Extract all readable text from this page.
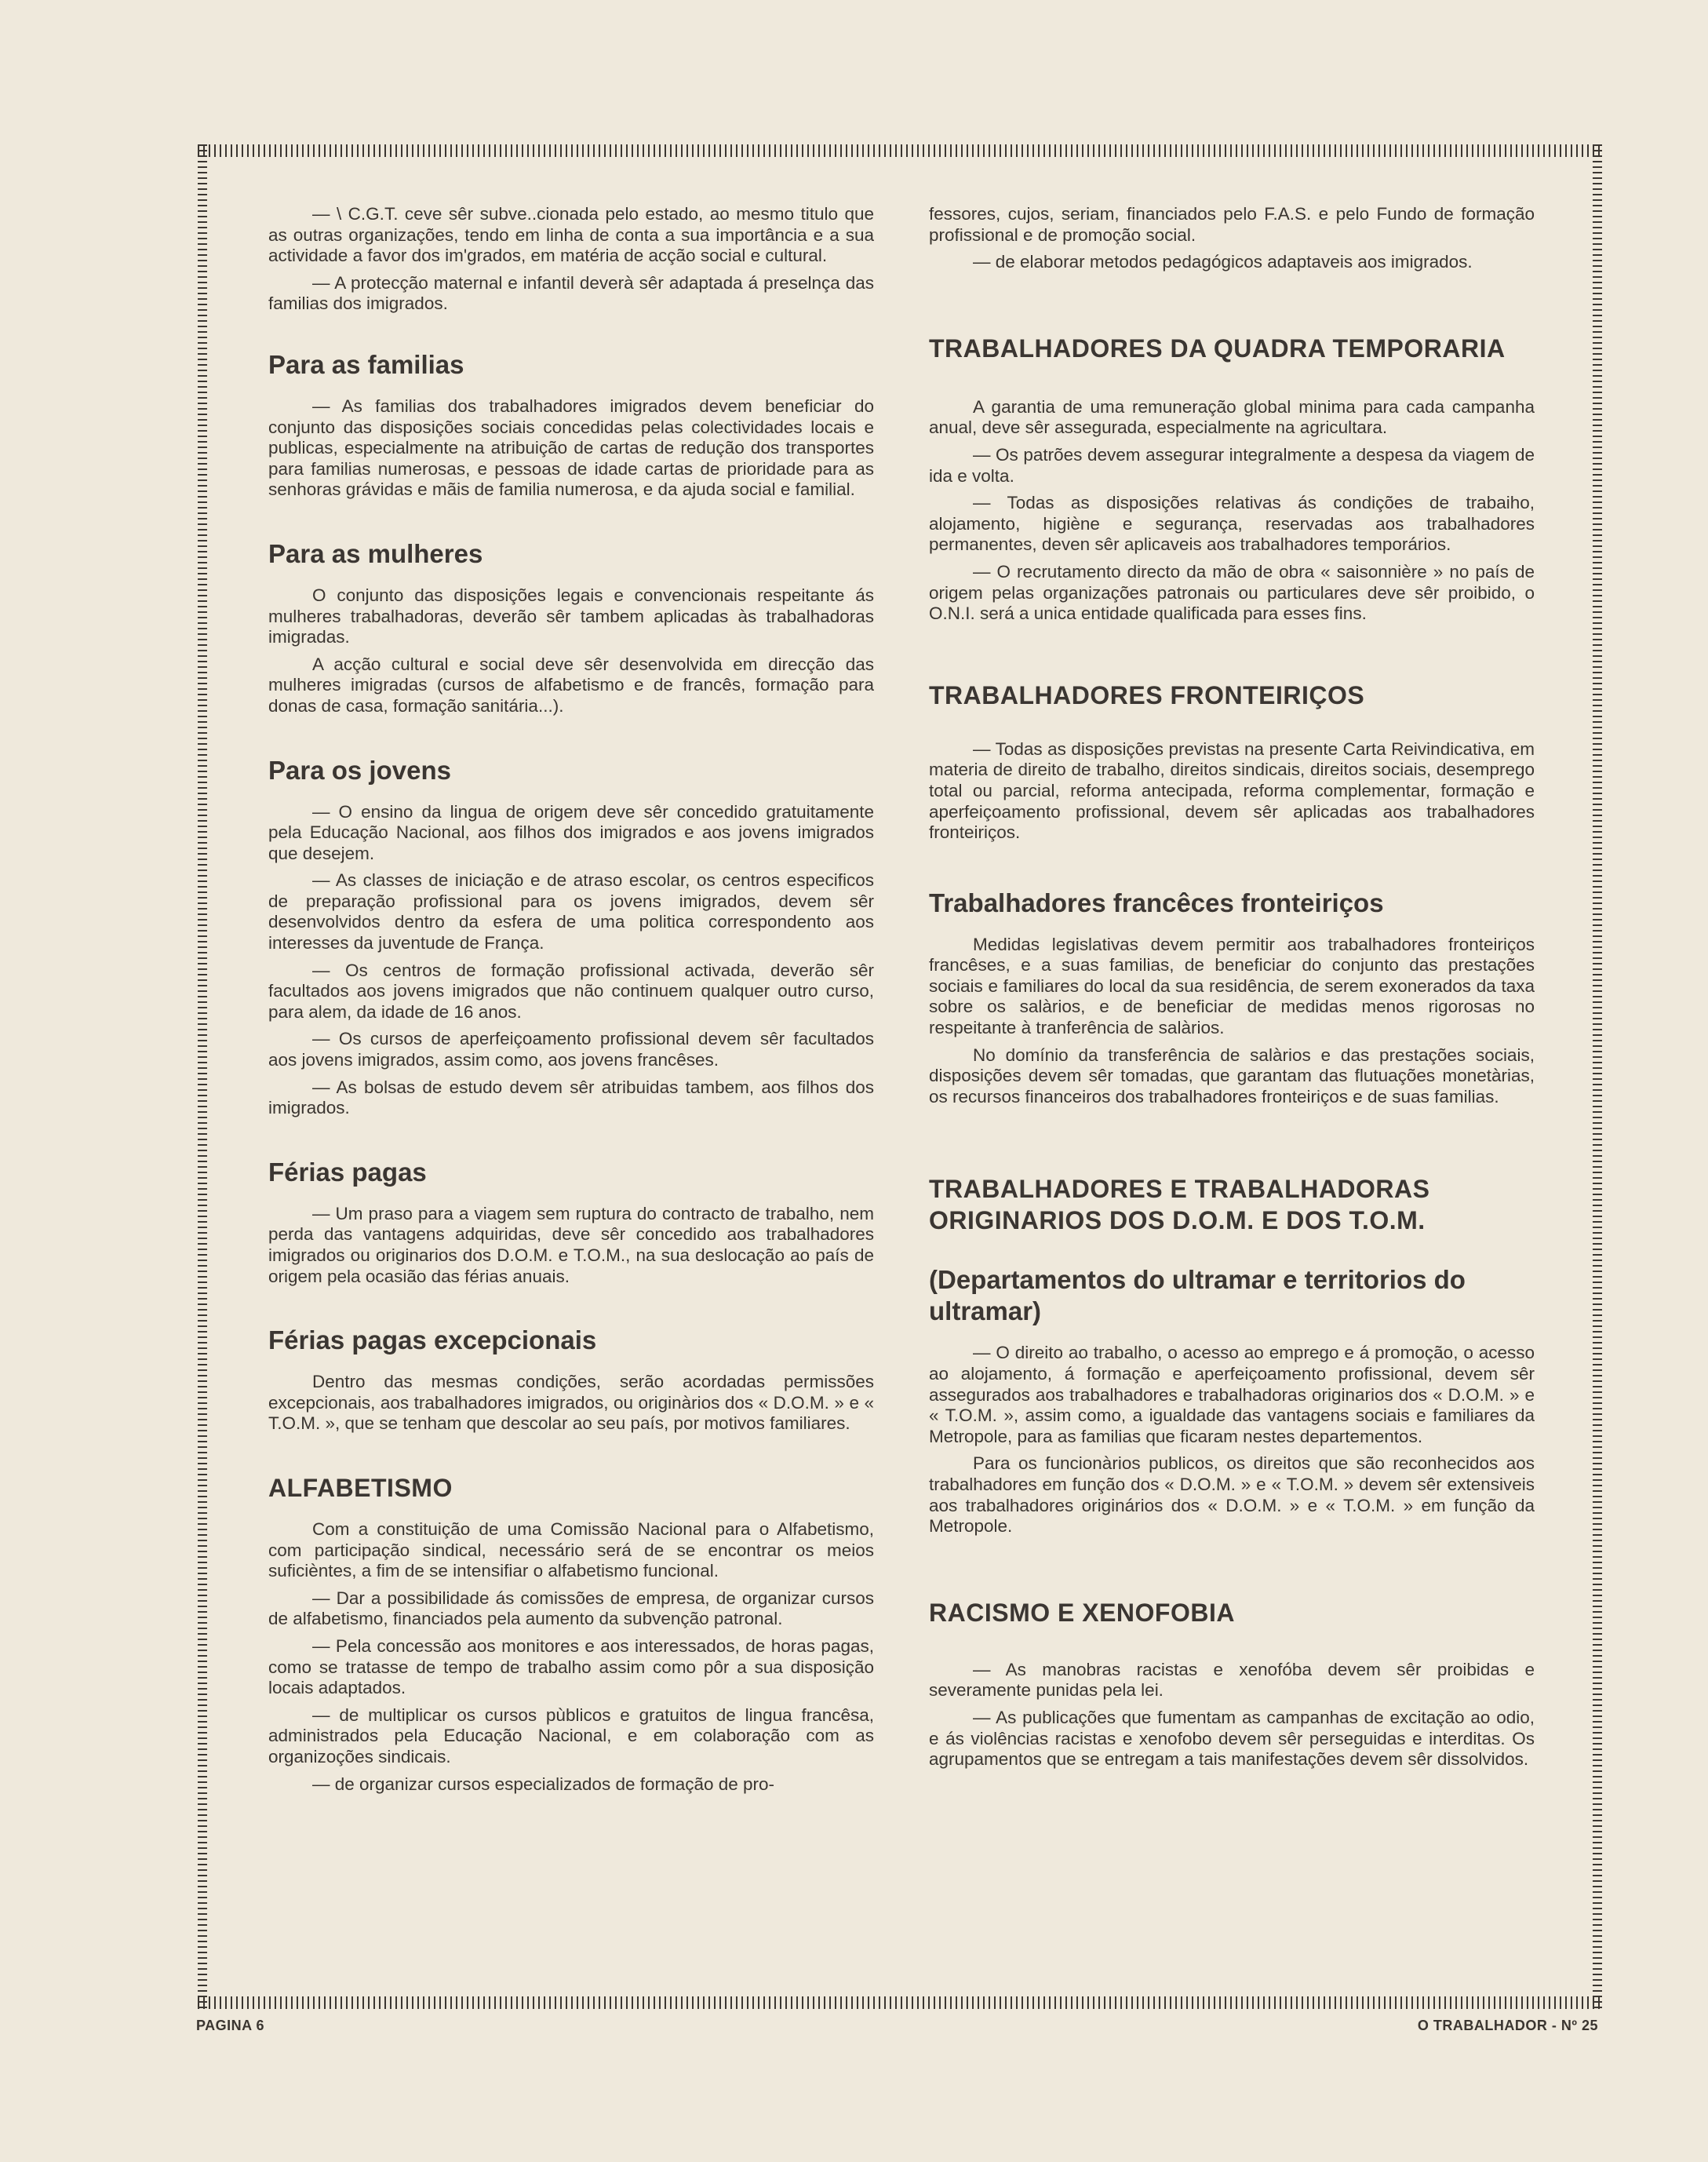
— \ C.G.T. ceve sêr subve..cionada pelo estado, ao mesmo titulo que as outras organizações, tendo em linha de conta a sua importância e a sua actividade a favor dos im'grados, em matéria de acção social e cultural.

— A protecção maternal e infantil deverà sêr adaptada á preselnça das familias dos imigrados.

Para as familias

— As familias dos trabalhadores imigrados devem beneficiar do conjunto das disposições sociais concedidas pelas colectividades locais e publicas, especialmente na atribuição de cartas de redução dos transportes para familias numerosas, e pessoas de idade cartas de prioridade para as senhoras grávidas e mãis de familia numerosa, e da ajuda social e familial.

Para as mulheres

O conjunto das disposições legais e convencionais respeitante ás mulheres trabalhadoras, deverão sêr tambem aplicadas às trabalhadoras imigradas.

A acção cultural e social deve sêr desenvolvida em direcção das mulheres imigradas (cursos de alfabetismo e de francês, formação para donas de casa, formação sanitária...).

Para os jovens

— O ensino da lingua de origem deve sêr concedido gratuitamente pela Educação Nacional, aos filhos dos imigrados e aos jovens imigrados que desejem.

— As classes de iniciação e de atraso escolar, os centros especificos de preparação profissional para os jovens imigrados, devem sêr desenvolvidos dentro da esfera de uma politica correspondento aos interesses da juventude de França.

— Os centros de formação profissional activada, deverão sêr facultados aos jovens imigrados que não continuem qualquer outro curso, para alem, da idade de 16 anos.

— Os cursos de aperfeiçoamento profissional devem sêr facultados aos jovens imigrados, assim como, aos jovens francêses.

— As bolsas de estudo devem sêr atribuidas tambem, aos filhos dos imigrados.

Férias pagas

— Um praso para a viagem sem ruptura do contracto de trabalho, nem perda das vantagens adquiridas, deve sêr concedido aos trabalhadores imigrados ou originarios dos D.O.M. e T.O.M., na sua deslocação ao país de origem pela ocasião das férias anuais.

Férias pagas excepcionais

Dentro das mesmas condições, serão acordadas permissões excepcionais, aos trabalhadores imigrados, ou originàrios dos « D.O.M. » e « T.O.M. », que se tenham que descolar ao seu país, por motivos familiares.

ALFABETISMO

Com a constituição de uma Comissão Nacional para o Alfabetismo, com participação sindical, necessário será de se encontrar os meios suficièntes, a fim de se intensifiar o alfabetismo funcional.

— Dar a possibilidade ás comissões de empresa, de organizar cursos de alfabetismo, financiados pela aumento da subvenção patronal.

— Pela concessão aos monitores e aos interessados, de horas pagas, como se tratasse de tempo de trabalho assim como pôr a sua disposição locais adaptados.

— de multiplicar os cursos pùblicos e gratuitos de lingua francêsa, administrados pela Educação Nacional, e em colaboração com as organizoções sindicais.

— de organizar cursos especializados de formação de pro-

fessores, cujos, seriam, financiados pelo F.A.S. e pelo Fundo de formação profissional e de promoção social.

— de elaborar metodos pedagógicos adaptaveis aos imigrados.

TRABALHADORES DA QUADRA TEMPORARIA

A garantia de uma remuneração global minima para cada campanha anual, deve sêr assegurada, especialmente na agricultara.

— Os patrões devem assegurar integralmente a despesa da viagem de ida e volta.

— Todas as disposições relativas ás condições de trabaiho, alojamento, higiène e segurança, reservadas aos trabalhadores permanentes, deven sêr aplicaveis aos trabalhadores temporários.

— O recrutamento directo da mão de obra « saisonnière » no país de origem pelas organizações patronais ou particulares deve sêr proibido, o O.N.I. será a unica entidade qualificada para esses fins.

TRABALHADORES FRONTEIRIÇOS

— Todas as disposições previstas na presente Carta Reivindicativa, em materia de direito de trabalho, direitos sindicais, direitos sociais, desemprego total ou parcial, reforma antecipada, reforma complementar, formação e aperfeiçoamento profissional, devem sêr aplicadas aos trabalhadores fronteiriços.

Trabalhadores francêces fronteiriços

Medidas legislativas devem permitir aos trabalhadores fronteiriços francêses, e a suas familias, de beneficiar do conjunto das prestações sociais e familiares do local da sua residência, de serem exonerados da taxa sobre os salàrios, e de beneficiar de medidas menos rigorosas no respeitante à tranferência de salàrios.

No domínio da transferência de salàrios e das prestações sociais, disposições devem sêr tomadas, que garantam das flutuações monetàrias, os recursos financeiros dos trabalhadores fronteiriços e de suas familias.

TRABALHADORES E TRABALHADORAS ORIGINARIOS DOS D.O.M. E DOS T.O.M.
(Departamentos do ultramar e territorios do ultramar)

— O direito ao trabalho, o acesso ao emprego e á promoção, o acesso ao alojamento, á formação e aperfeiçoamento profissional, devem sêr assegurados aos trabalhadores e trabalhadoras originarios dos « D.O.M. » e « T.O.M. », assim como, a igualdade das vantagens sociais e familiares da Metropole, para as familias que ficaram nestes departementos.

Para os funcionàrios publicos, os direitos que são reconhecidos aos trabalhadores em função dos « D.O.M. » e « T.O.M. » devem sêr extensiveis aos trabalhadores originários dos « D.O.M. » e « T.O.M. » em função da Metropole.

RACISMO E XENOFOBIA

— As manobras racistas e xenofóba devem sêr proibidas e severamente punidas pela lei.

— As publicações que fumentam as campanhas de excitação ao odio, e ás violências racistas e xenofobo devem sêr perseguidas e interditas. Os agrupamentos que se entregam a tais manifestações devem sêr dissolvidos.

PAGINA 6	O TRABALHADOR - Nº 25
